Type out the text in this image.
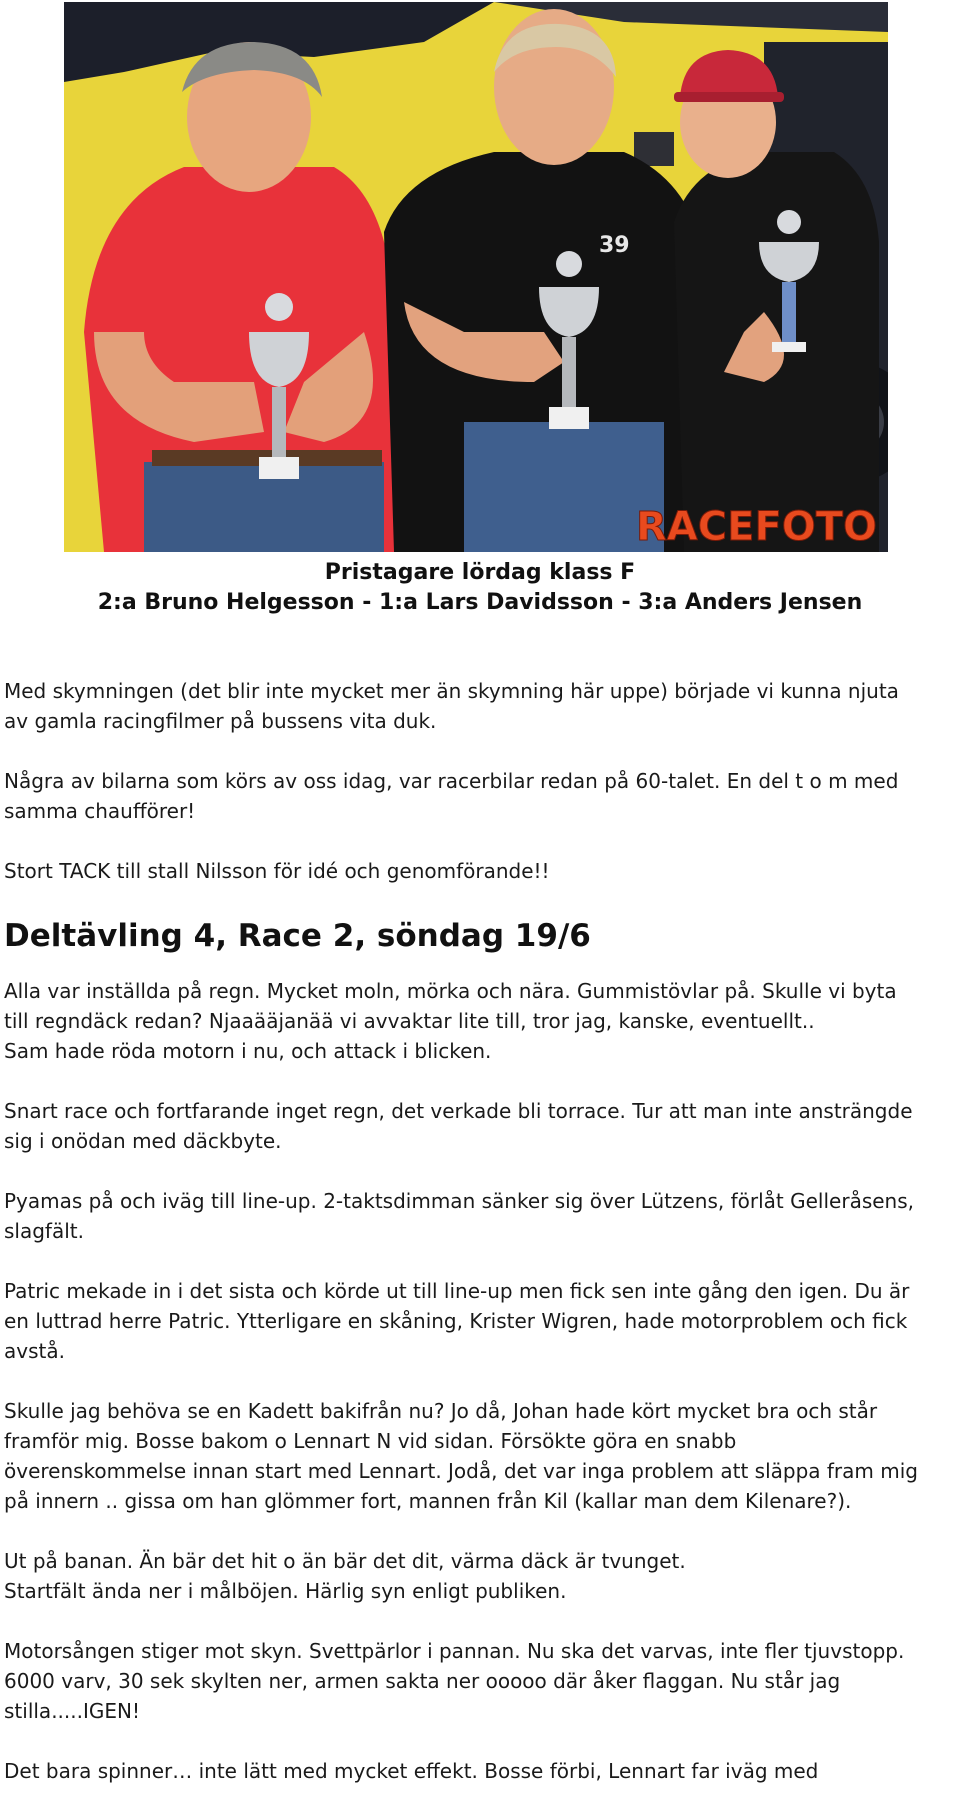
39
RACEFOTO
Pristagare lördag klass F
2:a Bruno Helgesson - 1:a Lars Davidsson - 3:a Anders Jensen

Med skymningen (det blir inte mycket mer än skymning här uppe) började vi kunna njuta
av gamla racingfilmer på bussens vita duk.

Några av bilarna som körs av oss idag, var racerbilar redan på 60-talet. En del t o m med
samma chaufförer!

Stort TACK till stall Nilsson för idé och genomförande!!

Deltävling 4, Race 2, söndag 19/6

Alla var inställda på regn. Mycket moln, mörka och nära. Gummistövlar på. Skulle vi byta
till regndäck redan? Njaaääjanää vi avvaktar lite till, tror jag, kanske, eventuellt..
Sam hade röda motorn i nu, och attack i blicken.

Snart race och fortfarande inget regn, det verkade bli torrace. Tur att man inte ansträngde
sig i onödan med däckbyte.

Pyamas på och iväg till line-up. 2-taktsdimman sänker sig över Lützens, förlåt Gelleråsens,
slagfält.

Patric mekade in i det sista och körde ut till line-up men fick sen inte gång den igen. Du är
en luttrad herre Patric. Ytterligare en skåning, Krister Wigren, hade motorproblem och fick
avstå.

Skulle jag behöva se en Kadett bakifrån nu? Jo då, Johan hade kört mycket bra och står
framför mig. Bosse bakom o Lennart N vid sidan. Försökte göra en snabb
överenskommelse innan start med Lennart. Jodå, det var inga problem att släppa fram mig
på innern .. gissa om han glömmer fort, mannen från Kil (kallar man dem Kilenare?).

Ut på banan. Än bär det hit o än bär det dit, värma däck är tvunget.
Startfält ända ner i målböjen. Härlig syn enligt publiken.

Motorsången stiger mot skyn. Svettpärlor i pannan. Nu ska det varvas, inte fler tjuvstopp.
6000 varv, 30 sek skylten ner, armen sakta ner ooooo där åker flaggan. Nu står jag
stilla.....IGEN!

Det bara spinner… inte lätt med mycket effekt. Bosse förbi, Lennart far iväg med
